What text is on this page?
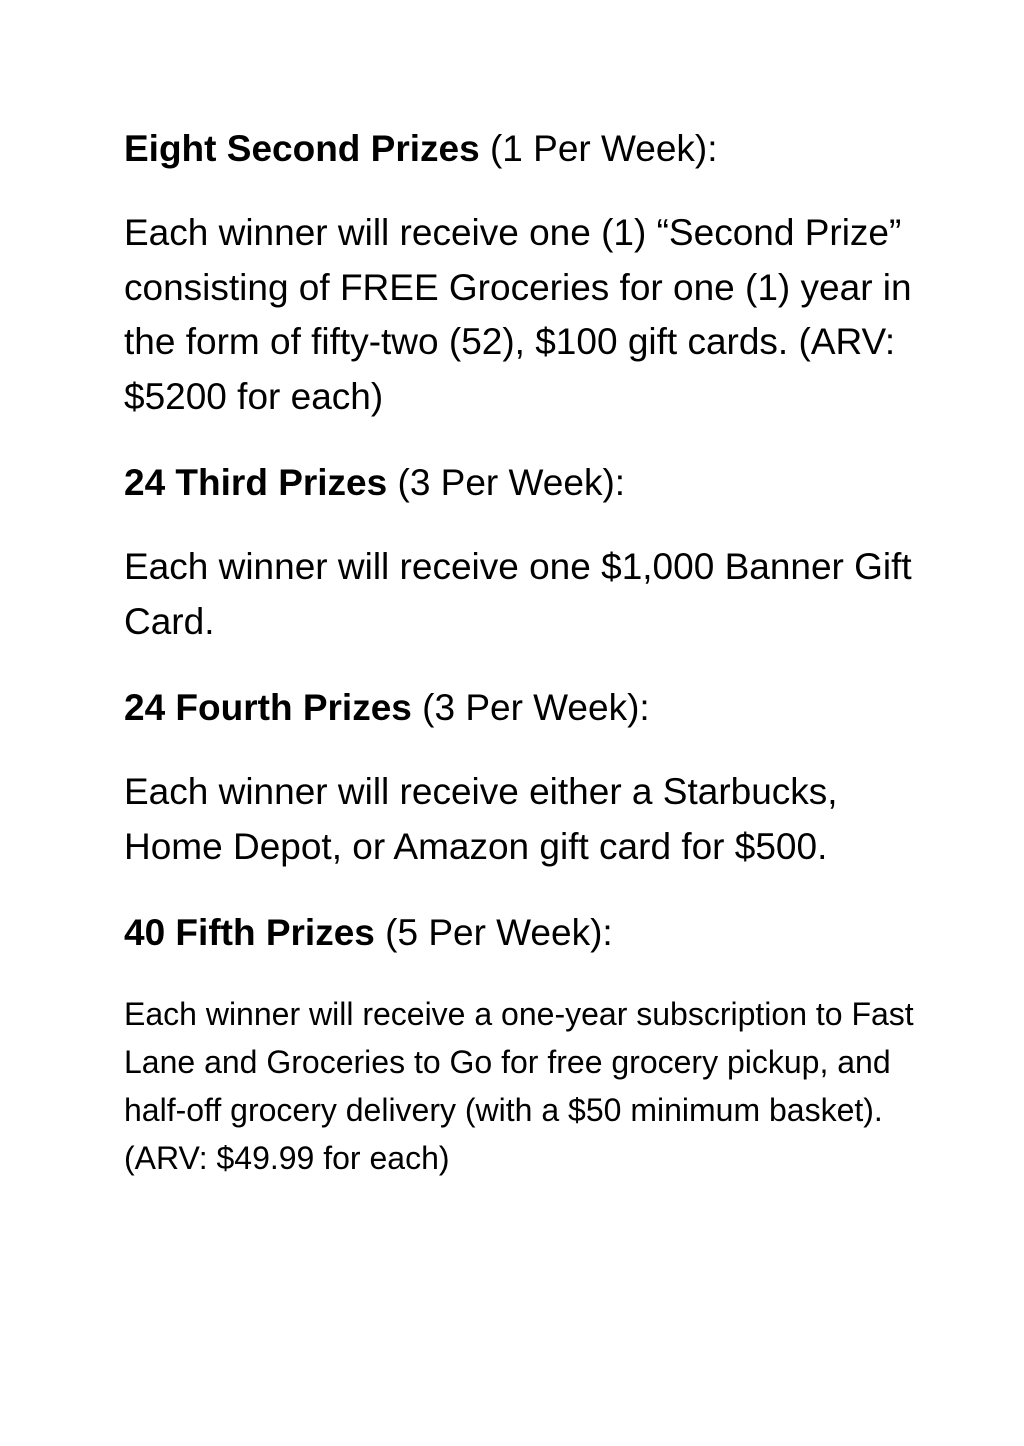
Eight Second Prizes (1 Per Week):

Each winner will receive one (1) “Second Prize” consisting of FREE Groceries for one (1) year in the form of fifty-two (52), $100 gift cards. (ARV: $5200 for each)

24 Third Prizes (3 Per Week):

Each winner will receive one $1,000 Banner Gift Card.

24 Fourth Prizes (3 Per Week):

Each winner will receive either a Starbucks, Home Depot, or Amazon gift card for $500.

40 Fifth Prizes (5 Per Week):

Each winner will receive a one-year subscription to Fast Lane and Groceries to Go for free grocery pickup, and half-off grocery delivery (with a $50 minimum basket). (ARV: $49.99 for each)
